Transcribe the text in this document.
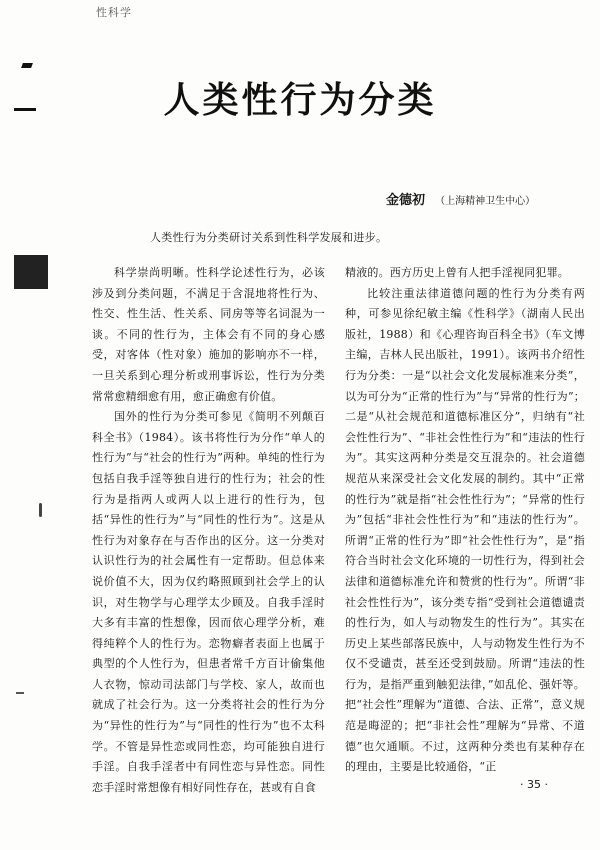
性科学
人类性行为分类
金德初 （上海精神卫生中心）
人类性行为分类研讨关系到性科学发展和进步。

科学崇尚明晰。性科学论述性行为，必该涉及到分类问题，不满足于含混地将性行为、性交、性生活、性关系、同房等等名词混为一谈。不同的性行为，主体会有不同的身心感受，对客体（性对象）施加的影响亦不一样，一旦关系到心理分析或刑事诉讼，性行为分类常常愈精细愈有用，愈正确愈有价值。

国外的性行为分类可参见《简明不列颠百科全书》（1984）。该书将性行为分作“单人的性行为”与“社会的性行为”两种。单纯的性行为包括自我手淫等独自进行的性行为；社会的性行为是指两人或两人以上进行的性行为，包括“异性的性行为”与“同性的性行为”。这是从性行为对象存在与否作出的区分。这一分类对认识性行为的社会属性有一定帮助。但总体来说价值不大，因为仅约略照顾到社会学上的认识，对生物学与心理学太少顾及。自我手淫时大多有丰富的性想像，因而依心理学分析，难得纯粹个人的性行为。恋物癖者表面上也属于典型的个人性行为，但患者常千方百计偷集他人衣物，惊动司法部门与学校、家人，故而也就成了社会行为。这一分类将社会的性行为分为“异性的性行为”与“同性的性行为”也不太科学。不管是异性恋或同性恋，均可能独自进行手淫。自我手淫者中有同性恋与异性恋。同性恋手淫时常想像有相好同性存在，甚或有自食

精液的。西方历史上曾有人把手淫视同犯罪。

比较注重法律道德问题的性行为分类有两种，可参见徐纪敏主编《性科学》（湖南人民出版社，1988）和《心理咨询百科全书》（车文博主编，吉林人民出版社，1991）。该两书介绍性行为分类：一是“以社会文化发展标准来分类”，以为可分为“正常的性行为”与“异常的性行为”；二是“从社会规范和道德标准区分”，归纳有“社会性性行为”、“非社会性性行为”和“违法的性行为”。其实这两种分类是交互混杂的。社会道德规范从来深受社会文化发展的制约。其中“正常的性行为”就是指“社会性性行为”；“异常的性行为”包括“非社会性性行为”和“违法的性行为”。所谓“正常的性行为”即“社会性性行为”，是“指符合当时社会文化环境的一切性行为，得到社会法律和道德标准允许和赞赏的性行为”。所谓“非社会性性行为”，该分类专指“受到社会道德谴责的性行为，如人与动物发生的性行为”。其实在历史上某些部落民族中，人与动物发生性行为不仅不受谴责，甚至还受到鼓励。所谓“违法的性行为，是指严重到触犯法律，”如乱伦、强奸等。把“社会性”理解为“道德、合法、正常”，意义规范是晦涩的；把“非社会性”理解为“异常、不道德”也欠通顺。不过，这两种分类也有某种存在的理由，主要是比较通俗，“正

· 35 ·
